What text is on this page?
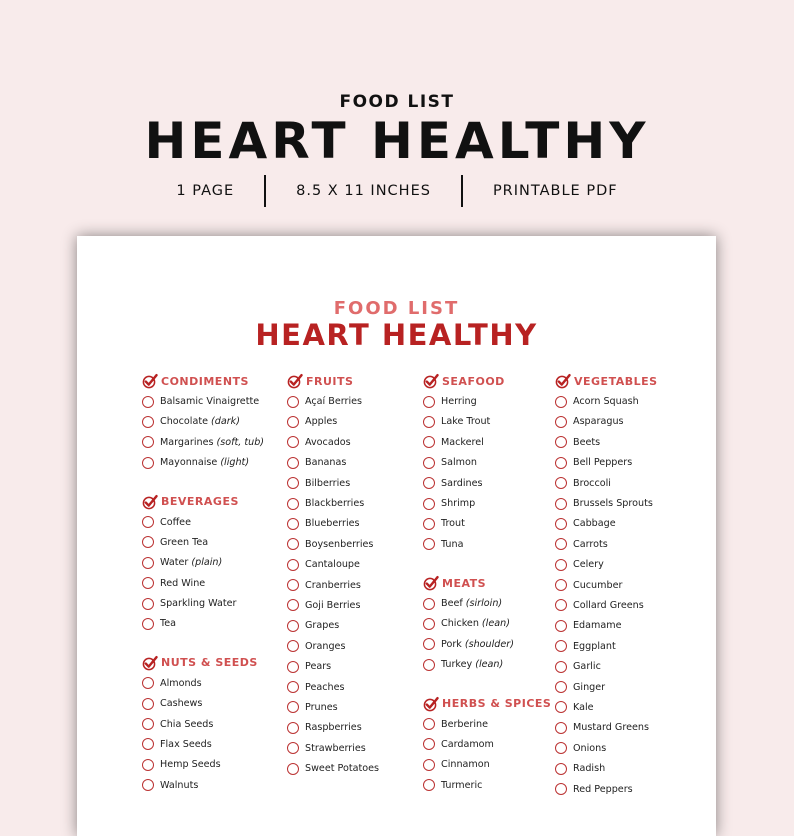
FOOD LIST
HEART HEALTHY
1 PAGE	8.5 X 11 INCHES	PRINTABLE PDF
FOOD LIST
HEART HEALTHY
CONDIMENTS
Balsamic Vinaigrette
Chocolate (dark)
Margarines (soft, tub)
Mayonnaise (light)
BEVERAGES
Coffee
Green Tea
Water (plain)
Red Wine
Sparkling Water
Tea
NUTS & SEEDS
Almonds
Cashews
Chia Seeds
Flax Seeds
Hemp Seeds
Walnuts
FRUITS
Açaí Berries
Apples
Avocados
Bananas
Bilberries
Blackberries
Blueberries
Boysenberries
Cantaloupe
Cranberries
Goji Berries
Grapes
Oranges
Pears
Peaches
Prunes
Raspberries
Strawberries
Sweet Potatoes
SEAFOOD
Herring
Lake Trout
Mackerel
Salmon
Sardines
Shrimp
Trout
Tuna
MEATS
Beef (sirloin)
Chicken (lean)
Pork (shoulder)
Turkey (lean)
HERBS & SPICES
Berberine
Cardamom
Cinnamon
Turmeric
VEGETABLES
Acorn Squash
Asparagus
Beets
Bell Peppers
Broccoli
Brussels Sprouts
Cabbage
Carrots
Celery
Cucumber
Collard Greens
Edamame
Eggplant
Garlic
Ginger
Kale
Mustard Greens
Onions
Radish
Red Peppers
